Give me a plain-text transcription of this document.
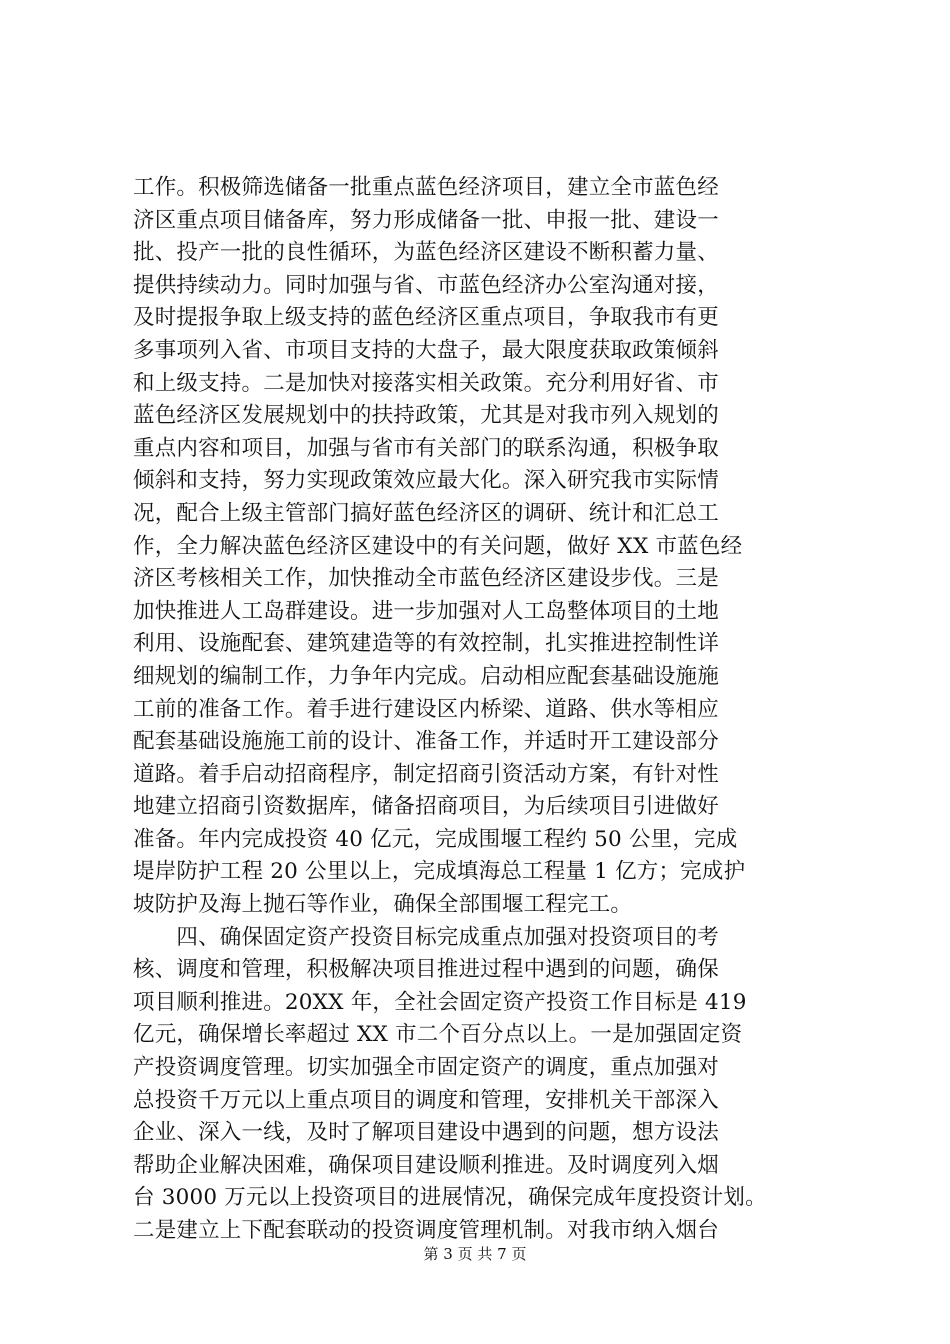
工作。积极筛选储备一批重点蓝色经济项目，建立全市蓝色经
济区重点项目储备库，努力形成储备一批、申报一批、建设一
批、投产一批的良性循环，为蓝色经济区建设不断积蓄力量、
提供持续动力。同时加强与省、市蓝色经济办公室沟通对接，
及时提报争取上级支持的蓝色经济区重点项目，争取我市有更
多事项列入省、市项目支持的大盘子，最大限度获取政策倾斜
和上级支持。二是加快对接落实相关政策。充分利用好省、市
蓝色经济区发展规划中的扶持政策，尤其是对我市列入规划的
重点内容和项目，加强与省市有关部门的联系沟通，积极争取
倾斜和支持，努力实现政策效应最大化。深入研究我市实际情
况，配合上级主管部门搞好蓝色经济区的调研、统计和汇总工
作，全力解决蓝色经济区建设中的有关问题，做好 XX 市蓝色经
济区考核相关工作，加快推动全市蓝色经济区建设步伐。三是
加快推进人工岛群建设。进一步加强对人工岛整体项目的土地
利用、设施配套、建筑建造等的有效控制，扎实推进控制性详
细规划的编制工作，力争年内完成。启动相应配套基础设施施
工前的准备工作。着手进行建设区内桥梁、道路、供水等相应
配套基础设施施工前的设计、准备工作，并适时开工建设部分
道路。着手启动招商程序，制定招商引资活动方案，有针对性
地建立招商引资数据库，储备招商项目，为后续项目引进做好
准备。年内完成投资 40 亿元，完成围堰工程约 50 公里，完成
堤岸防护工程 20 公里以上，完成填海总工程量 1 亿方；完成护
坡防护及海上抛石等作业，确保全部围堰工程完工。
　　四、确保固定资产投资目标完成重点加强对投资项目的考
核、调度和管理，积极解决项目推进过程中遇到的问题，确保
项目顺利推进。20XX 年，全社会固定资产投资工作目标是 419
亿元，确保增长率超过 XX 市二个百分点以上。一是加强固定资
产投资调度管理。切实加强全市固定资产的调度，重点加强对
总投资千万元以上重点项目的调度和管理，安排机关干部深入
企业、深入一线，及时了解项目建设中遇到的问题，想方设法
帮助企业解决困难，确保项目建设顺利推进。及时调度列入烟
台 3000 万元以上投资项目的进展情况，确保完成年度投资计划。
二是建立上下配套联动的投资调度管理机制。对我市纳入烟台
第 3 页 共 7 页
